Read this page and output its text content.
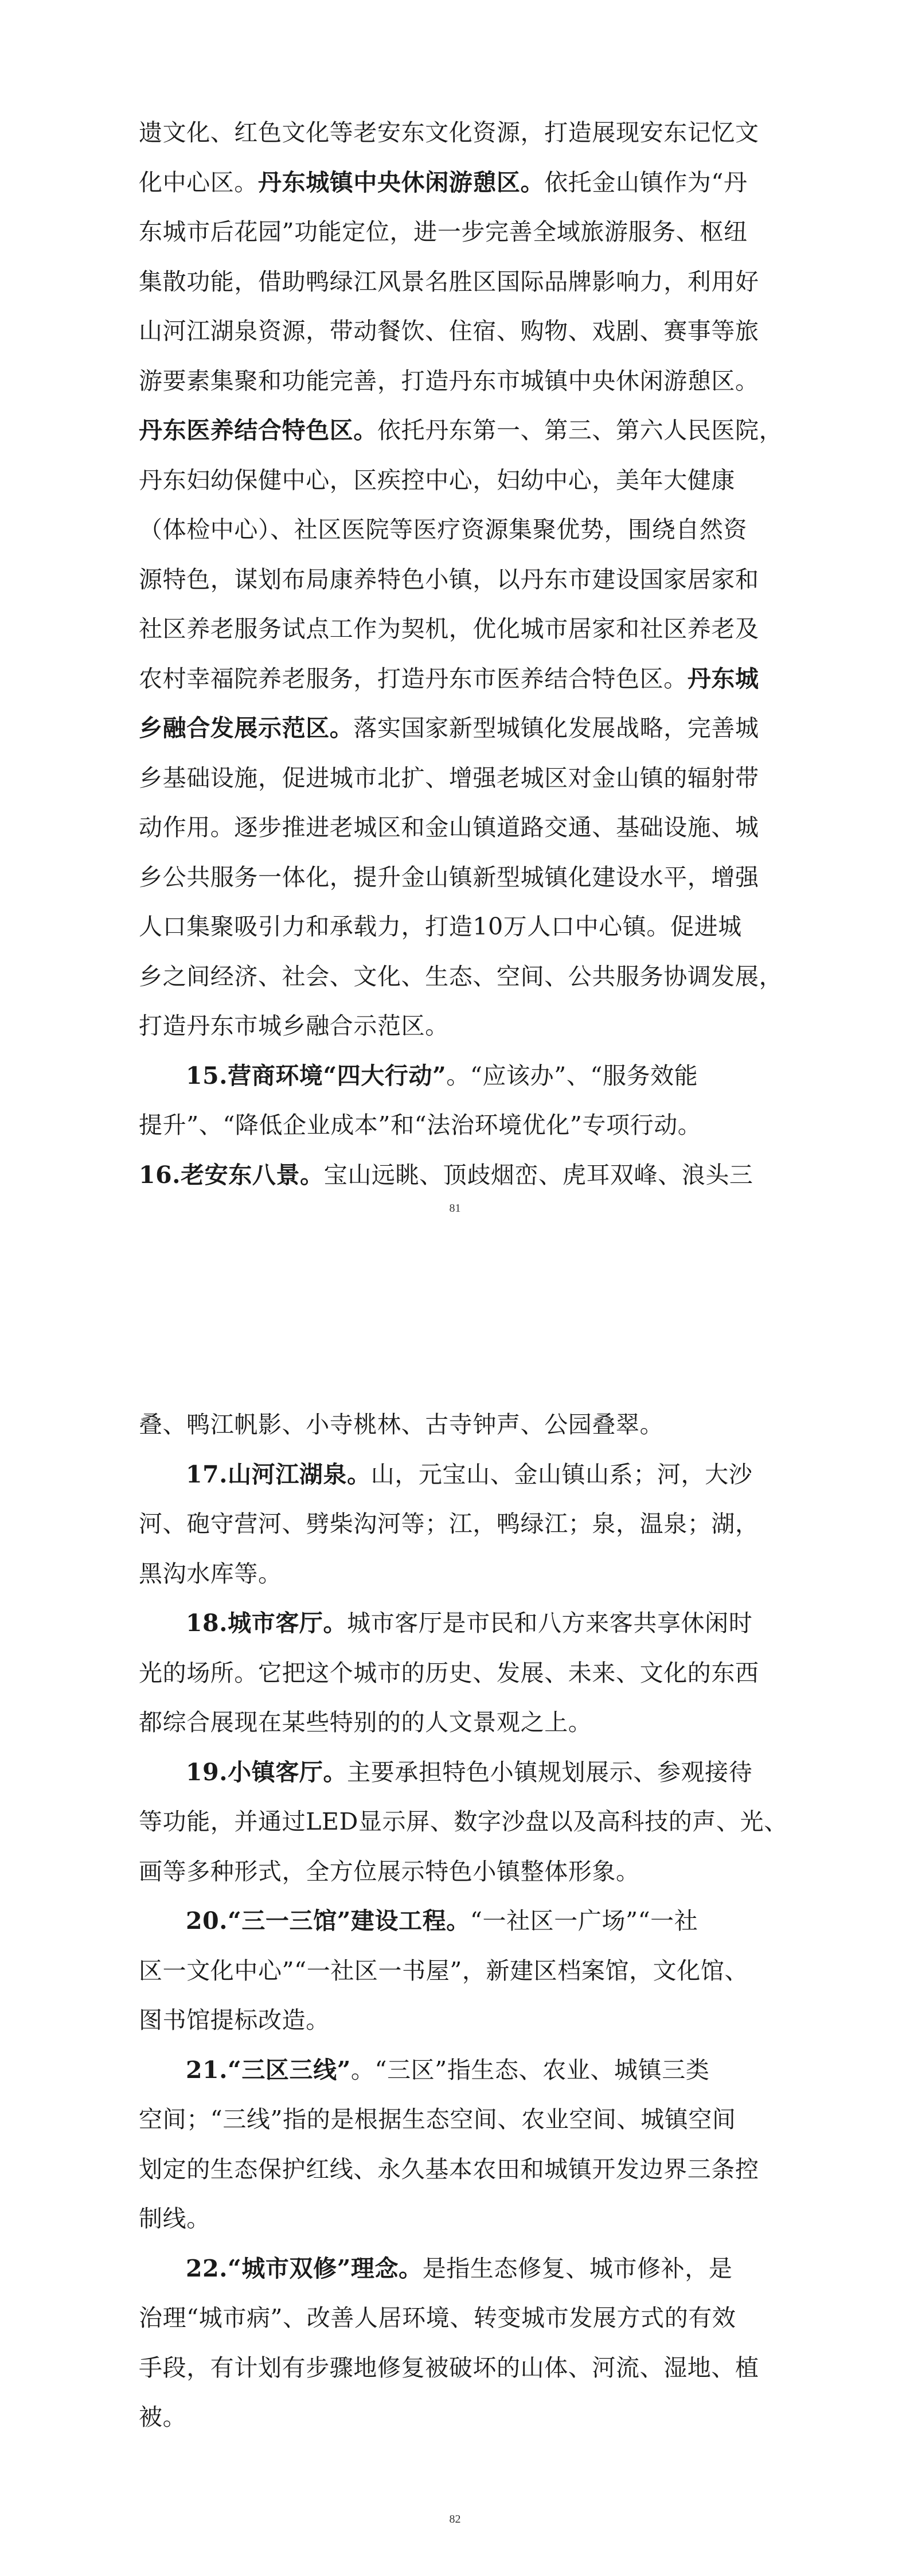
遗文化、红色文化等老安东文化资源，打造展现安东记忆文
化中心区。丹东城镇中央休闲游憩区。依托金山镇作为“丹
东城市后花园”功能定位，进一步完善全域旅游服务、枢纽
集散功能，借助鸭绿江风景名胜区国际品牌影响力，利用好
山河江湖泉资源，带动餐饮、住宿、购物、戏剧、赛事等旅
游要素集聚和功能完善，打造丹东市城镇中央休闲游憩区。
丹东医养结合特色区。依托丹东第一、第三、第六人民医院，
丹东妇幼保健中心，区疾控中心，妇幼中心，美年大健康
（体检中心）、社区医院等医疗资源集聚优势，围绕自然资
源特色，谋划布局康养特色小镇，以丹东市建设国家居家和
社区养老服务试点工作为契机，优化城市居家和社区养老及
农村幸福院养老服务，打造丹东市医养结合特色区。丹东城
乡融合发展示范区。落实国家新型城镇化发展战略，完善城
乡基础设施，促进城市北扩、增强老城区对金山镇的辐射带
动作用。逐步推进老城区和金山镇道路交通、基础设施、城
乡公共服务一体化，提升金山镇新型城镇化建设水平，增强
人口集聚吸引力和承载力，打造10万人口中心镇。促进城
乡之间经济、社会、文化、生态、空间、公共服务协调发展，
打造丹东市城乡融合示范区。
15.营商环境“四大行动”。“应该办”、“服务效能
提升”、“降低企业成本”和“法治环境优化”专项行动。
16.老安东八景。宝山远眺、顶歧烟峦、虎耳双峰、浪头三
81
叠、鸭江帆影、小寺桃林、古寺钟声、公园叠翠。
17.山河江湖泉。山，元宝山、金山镇山系；河，大沙
河、砲守营河、劈柴沟河等；江，鸭绿江；泉，温泉；湖，
黑沟水库等。
18.城市客厅。城市客厅是市民和八方来客共享休闲时
光的场所。它把这个城市的历史、发展、未来、文化的东西
都综合展现在某些特别的的人文景观之上。
19.小镇客厅。主要承担特色小镇规划展示、参观接待
等功能，并通过LED显示屏、数字沙盘以及高科技的声、光、
画等多种形式，全方位展示特色小镇整体形象。
20.“三一三馆”建设工程。“一社区一广场”“一社
区一文化中心”“一社区一书屋”，新建区档案馆，文化馆、
图书馆提标改造。
21.“三区三线”。“三区”指生态、农业、城镇三类
空间；“三线”指的是根据生态空间、农业空间、城镇空间
划定的生态保护红线、永久基本农田和城镇开发边界三条控
制线。
22.“城市双修”理念。是指生态修复、城市修补，是
治理“城市病”、改善人居环境、转变城市发展方式的有效
手段，有计划有步骤地修复被破坏的山体、河流、湿地、植
被。
82
